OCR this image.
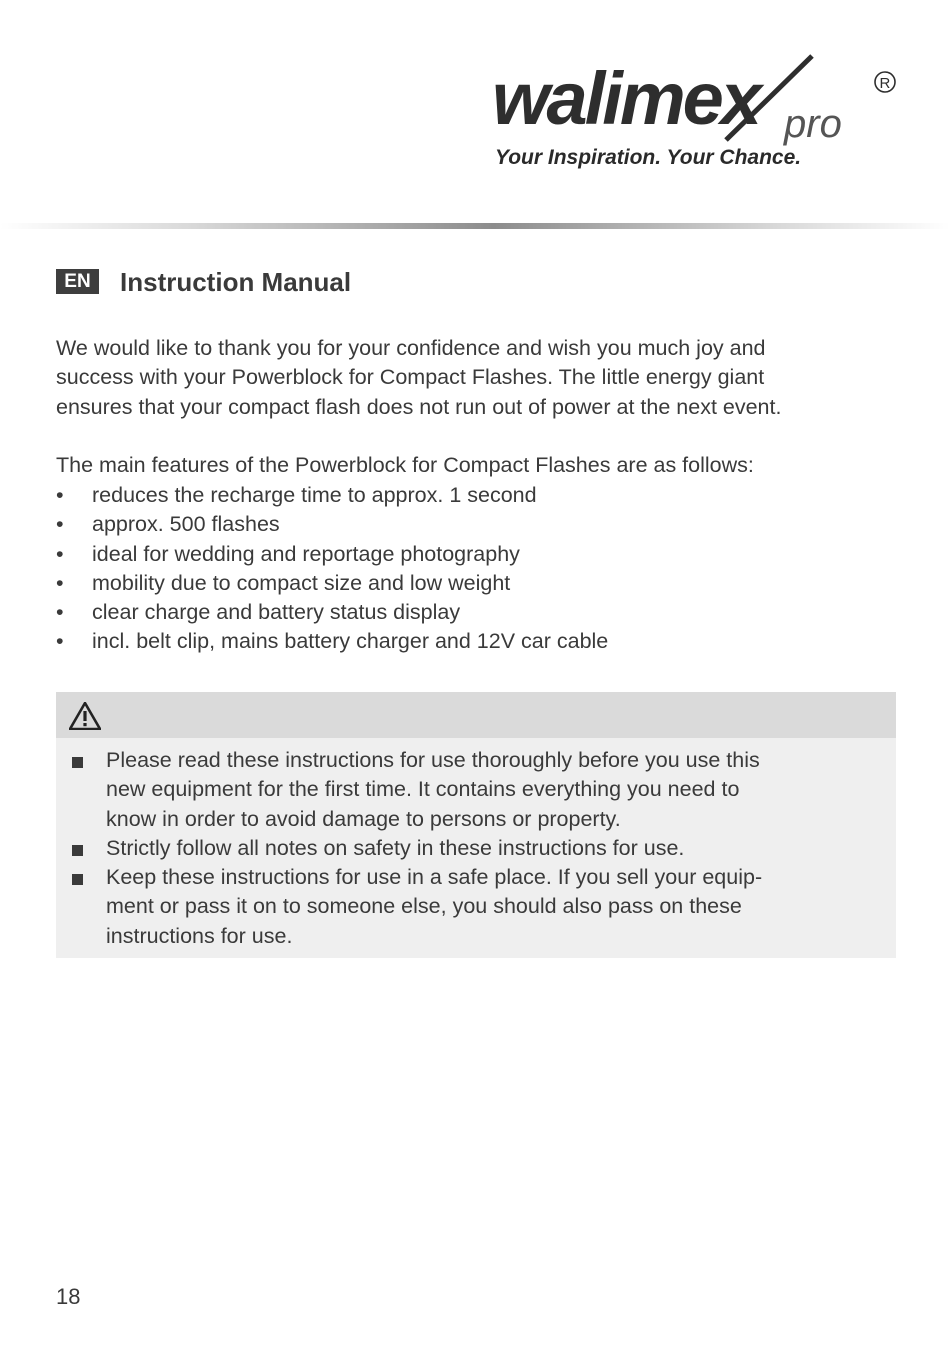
walimex pro
R
Your Inspiration. Your Chance.
EN	Instruction Manual

We would like to thank you for your confidence and wish you much joy and
success with your Powerblock for Compact Flashes. The little energy giant
ensures that your compact flash does not run out of power at the next event.

The main features of the Powerblock for Compact Flashes are as follows:

• reduces the recharge time to approx. 1 second
• approx. 500 flashes
• ideal for wedding and reportage photography
• mobility due to compact size and low weight
• clear charge and battery status display
• incl. belt clip, mains battery charger and 12V car cable
Please read these instructions for use thoroughly before you use this
new equipment for the first time. It contains everything you need to
know in order to avoid damage to persons or property.
Strictly follow all notes on safety in these instructions for use.
Keep these instructions for use in a safe place. If you sell your equip-
ment or pass it on to someone else, you should also pass on these
instructions for use.
18
